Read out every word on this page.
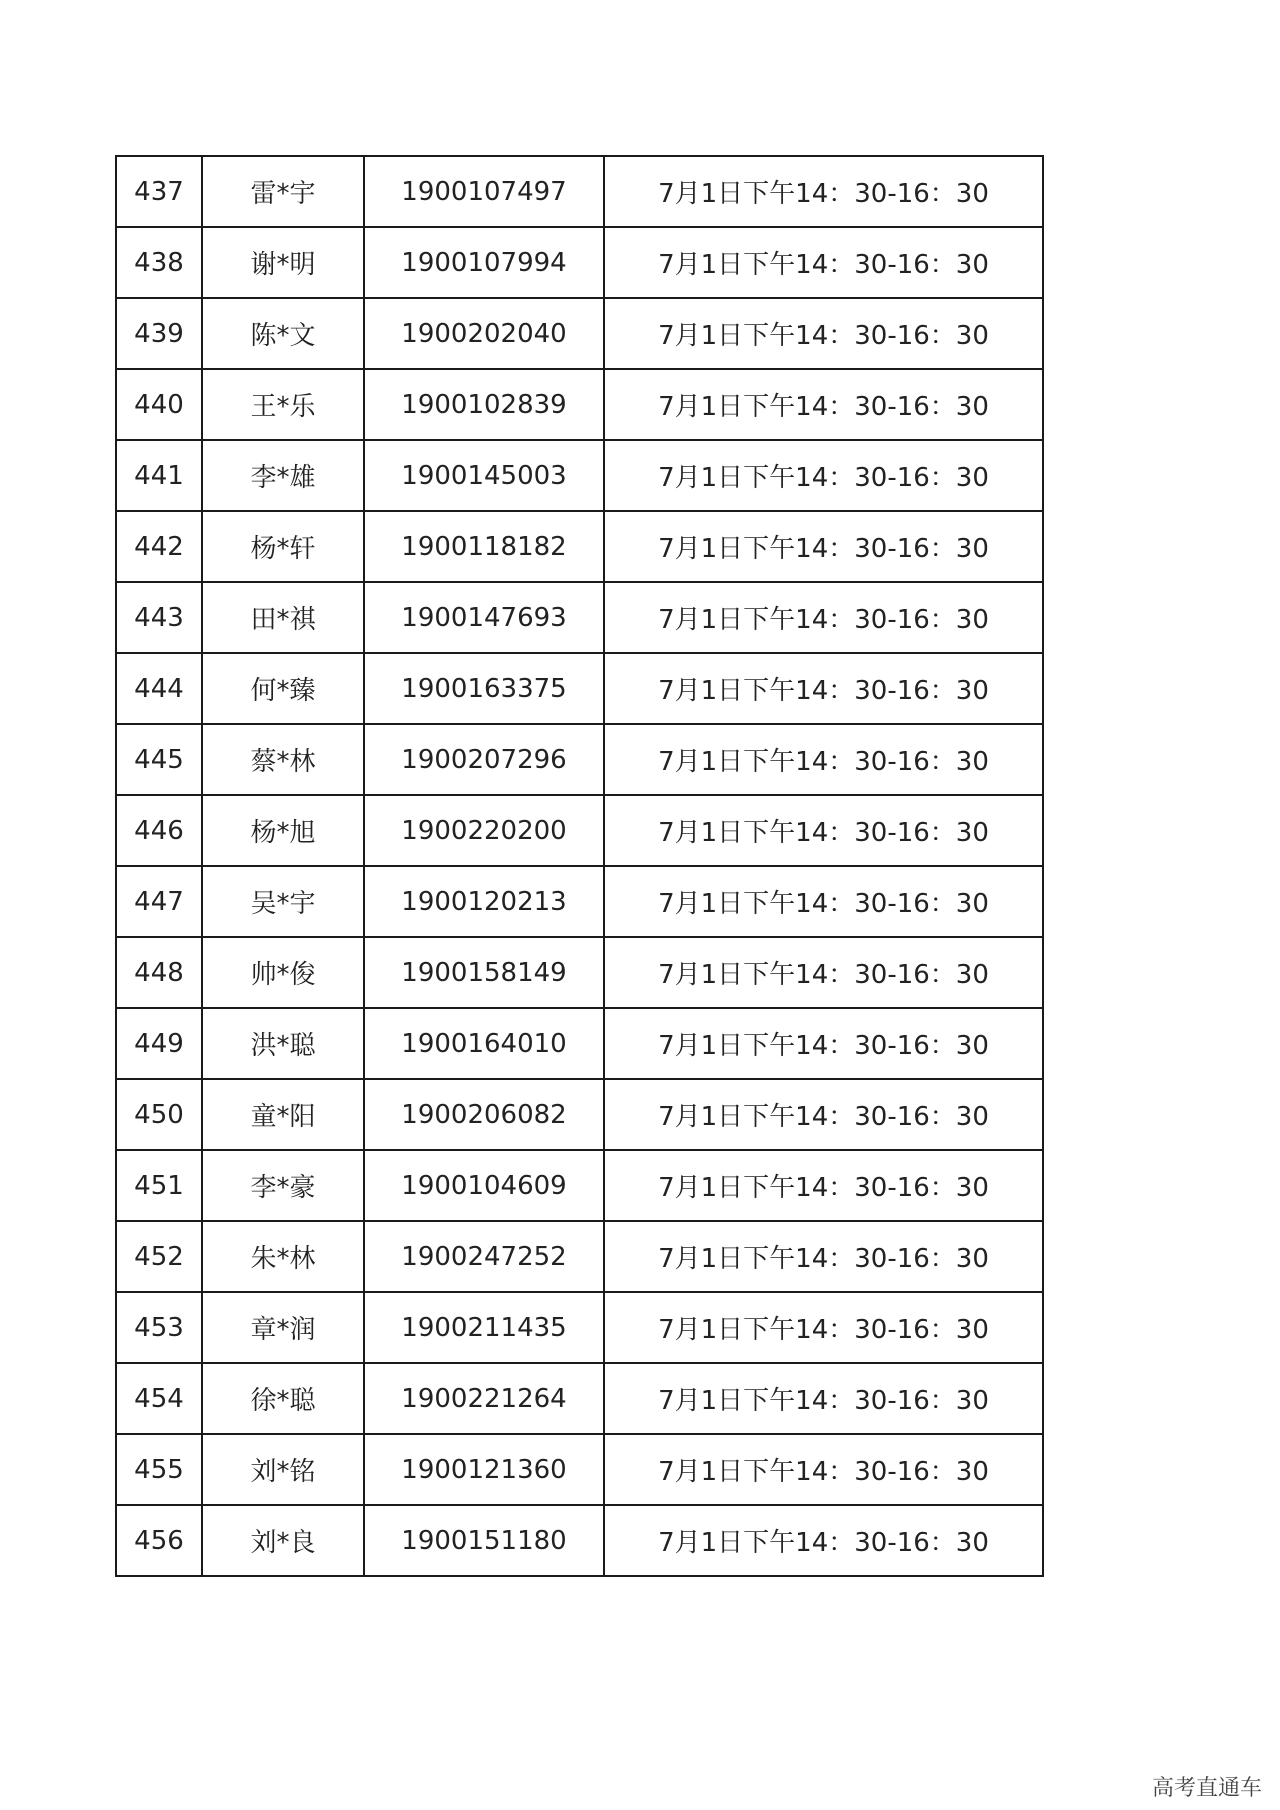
437	雷*宇	1900107497	7月1日下午14：30-16：30
438	谢*明	1900107994	7月1日下午14：30-16：30
439	陈*文	1900202040	7月1日下午14：30-16：30
440	王*乐	1900102839	7月1日下午14：30-16：30
441	李*雄	1900145003	7月1日下午14：30-16：30
442	杨*轩	1900118182	7月1日下午14：30-16：30
443	田*祺	1900147693	7月1日下午14：30-16：30
444	何*臻	1900163375	7月1日下午14：30-16：30
445	蔡*林	1900207296	7月1日下午14：30-16：30
446	杨*旭	1900220200	7月1日下午14：30-16：30
447	吴*宇	1900120213	7月1日下午14：30-16：30
448	帅*俊	1900158149	7月1日下午14：30-16：30
449	洪*聪	1900164010	7月1日下午14：30-16：30
450	童*阳	1900206082	7月1日下午14：30-16：30
451	李*豪	1900104609	7月1日下午14：30-16：30
452	朱*林	1900247252	7月1日下午14：30-16：30
453	章*润	1900211435	7月1日下午14：30-16：30
454	徐*聪	1900221264	7月1日下午14：30-16：30
455	刘*铭	1900121360	7月1日下午14：30-16：30
456	刘*良	1900151180	7月1日下午14：30-16：30
高考直通车
